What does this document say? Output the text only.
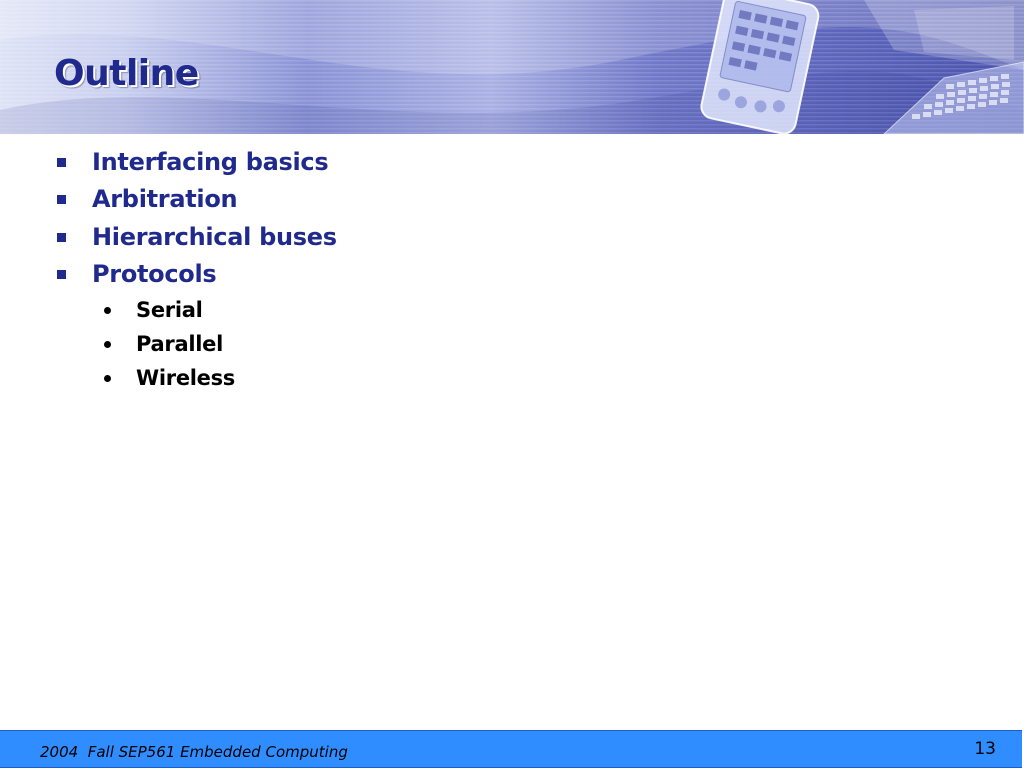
Outline
Interfacing basics
Arbitration
Hierarchical buses
Protocols
Serial
Parallel
Wireless
2004  Fall SEP561 Embedded Computing	13
